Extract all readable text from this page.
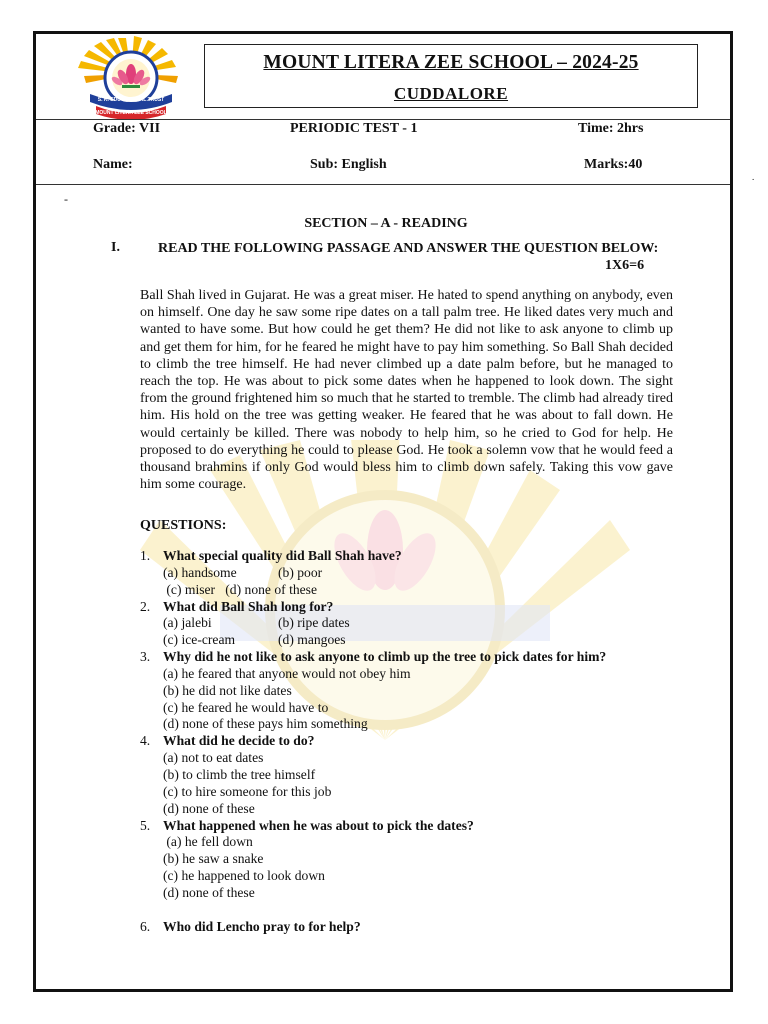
S. K. EDUCATIONAL TRUST
MOUNT LITERA ZEE SCHOOL
MOUNT LITERA ZEE SCHOOL – 2024-25
CUDDALORE
Grade: VII	PERIODIC TEST - 1	Time: 2hrs
Name:	Sub: English	Marks:40
-
.
SECTION – A - READING
I.	READ THE FOLLOWING PASSAGE AND ANSWER THE QUESTION BELOW:
1X6=6
Ball Shah lived in Gujarat. He was a great miser. He hated to spend anything on anybody, even on himself. One day he saw some ripe dates on a tall palm tree. He liked dates very much and wanted to have some. But how could he get them? He did not like to ask anyone to climb up and get them for him, for he feared he might have to pay him something. So Ball Shah decided to climb the tree himself. He had never climbed up a date palm before, but he managed to reach the top. He was about to pick some dates when he happened to look down. The sight from the ground frightened him so much that he started to tremble. The climb had already tired him. His hold on the tree was getting weaker. He feared that he was about to fall down. He would certainly be killed. There was nobody to help him, so he cried to God for help. He proposed to do everything he could to please God. He took a solemn vow that he would feed a thousand brahmins if only God would bless him to climb down safely. Taking this vow gave him some courage.
QUESTIONS:
1. What special quality did Ball Shah have?
(a) handsome	(b) poor
(c) miser   (d) none of these
2. What did Ball Shah long for?
(a) jalebi	(b) ripe dates
(c) ice-cream	(d) mangoes
3. Why did he not like to ask anyone to climb up the tree to pick dates for him?
(a) he feared that anyone would not obey him
(b) he did not like dates
(c) he feared he would have to
(d) none of these pays him something
4. What did he decide to do?
(a) not to eat dates
(b) to climb the tree himself
(c) to hire someone for this job
(d) none of these
5. What happened when he was about to pick the dates?
(a) he fell down
(b) he saw a snake
(c) he happened to look down
(d) none of these
6. Who did Lencho pray to for help?
